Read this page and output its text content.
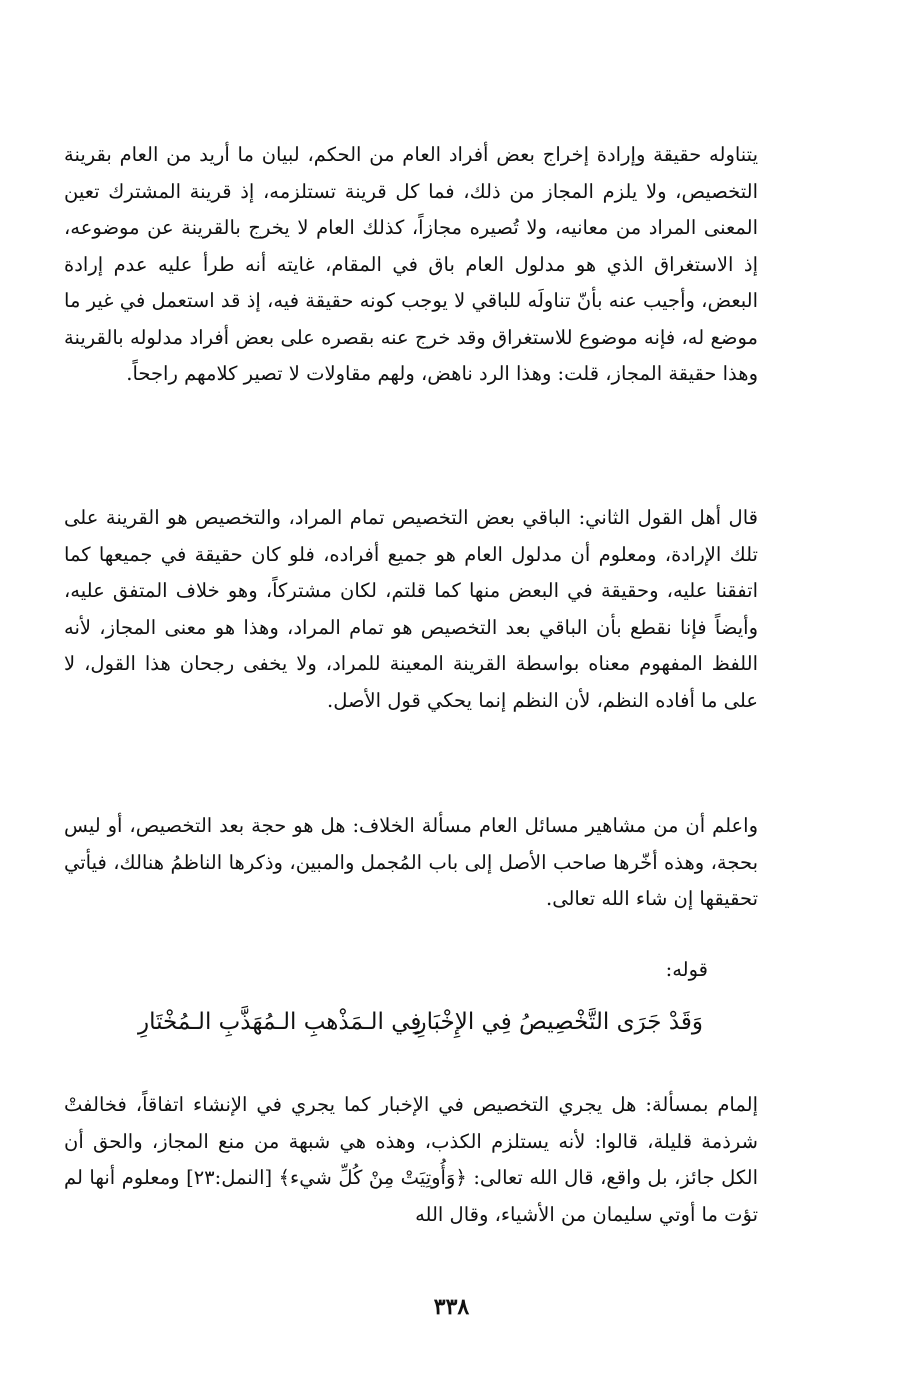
يتناوله حقيقة وإرادة إخراج بعض أفراد العام من الحكم، لبيان ما أريد من العام بقرينة التخصيص، ولا يلزم المجاز من ذلك، فما كل قرينة تستلزمه، إذ قرينة المشترك تعين المعنى المراد من معانيه، ولا تُصيره مجازاً، كذلك العام لا يخرج بالقرينة عن موضوعه، إذ الاستغراق الذي هو مدلول العام باق في المقام، غايته أنه طرأ عليه عدم إرادة البعض، وأجيب عنه بأنّ تناولَه للباقي لا يوجب كونه حقيقة فيه، إذ قد استعمل في غير ما موضع له، فإنه موضوع للاستغراق وقد خرج عنه بقصره على بعض أفراد مدلوله بالقرينة وهذا حقيقة المجاز، قلت: وهذا الرد ناهض، ولهم مقاولات لا تصير كلامهم راجحاً.

قال أهل القول الثاني: الباقي بعض التخصيص تمام المراد، والتخصيص هو القرينة على تلك الإرادة، ومعلوم أن مدلول العام هو جميع أفراده، فلو كان حقيقة في جميعها كما اتفقنا عليه، وحقيقة في البعض منها كما قلتم، لكان مشتركاً، وهو خلاف المتفق عليه، وأيضاً فإنا نقطع بأن الباقي بعد التخصيص هو تمام المراد، وهذا هو معنى المجاز، لأنه اللفظ المفهوم معناه بواسطة القرينة المعينة للمراد، ولا يخفى رجحان هذا القول، لا على ما أفاده النظم، لأن النظم إنما يحكي قول الأصل.

واعلم أن من مشاهير مسائل العام مسألة الخلاف: هل هو حجة بعد التخصيص، أو ليس بحجة، وهذه أخّرها صاحب الأصل إلى باب المُجمل والمبين، وذكرها الناظمُ هنالك، فيأتي تحقيقها إن شاء الله تعالى.

قوله:
وَقَدْ جَرَى التَّخْصِيصُ فِي الإِخْبَارِ
فِي الـمَذْهبِ الـمُهَذَّبِ الـمُخْتَارِ

إلمام بمسألة: هل يجري التخصيص في الإخبار كما يجري في الإنشاء اتفاقاً، فخالفتْ شرذمة قليلة، قالوا: لأنه يستلزم الكذب، وهذه هي شبهة من منع المجاز، والحق أن الكل جائز، بل واقع، قال الله تعالى: ﴿وَأُوتِيَتْ مِنْ كُلِّ شيء﴾ [النمل:٢٣] ومعلوم أنها لم تؤت ما أوتي سليمان من الأشياء، وقال الله

٣٣٨
